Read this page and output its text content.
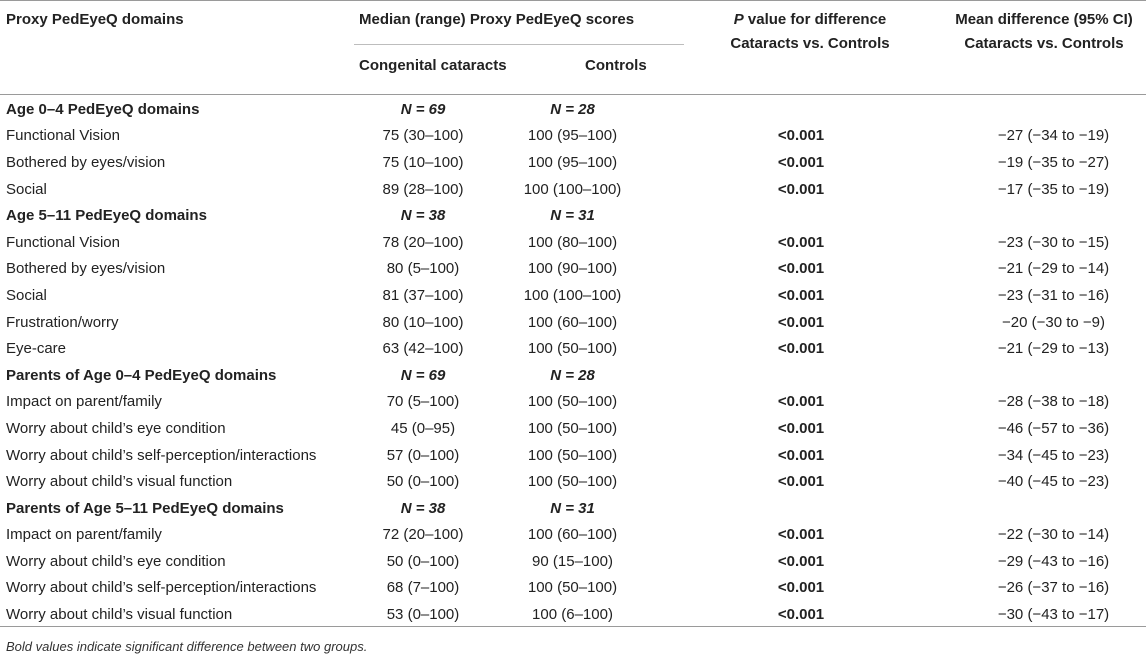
Proxy PedEyeQ domains	Median (range) Proxy PedEyeQ scores
Congenital cataracts	Controls
P value for difference
Cataracts vs. Controls
Mean difference (95% CI)
Cataracts vs. Controls
Age 0–4 PedEyeQ domains	N = 69	N = 28		
Functional Vision	75 (30–100)	100 (95–100)	<0.001	−27 (−34 to −19)
Bothered by eyes/vision	75 (10–100)	100 (95–100)	<0.001	−19 (−35 to −27)
Social	89 (28–100)	100 (100–100)	<0.001	−17 (−35 to −19)
Age 5–11 PedEyeQ domains	N = 38	N = 31		
Functional Vision	78 (20–100)	100 (80–100)	<0.001	−23 (−30 to −15)
Bothered by eyes/vision	80 (5–100)	100 (90–100)	<0.001	−21 (−29 to −14)
Social	81 (37–100)	100 (100–100)	<0.001	−23 (−31 to −16)
Frustration/worry	80 (10–100)	100 (60–100)	<0.001	−20 (−30 to −9)
Eye-care	63 (42–100)	100 (50–100)	<0.001	−21 (−29 to −13)
Parents of Age 0–4 PedEyeQ domains	N = 69	N = 28		
Impact on parent/family	70 (5–100)	100 (50–100)	<0.001	−28 (−38 to −18)
Worry about child’s eye condition	45 (0–95)	100 (50–100)	<0.001	−46 (−57 to −36)
Worry about child’s self-perception/interactions	57 (0–100)	100 (50–100)	<0.001	−34 (−45 to −23)
Worry about child’s visual function	50 (0–100)	100 (50–100)	<0.001	−40 (−45 to −23)
Parents of Age 5–11 PedEyeQ domains	N = 38	N = 31		
Impact on parent/family	72 (20–100)	100 (60–100)	<0.001	−22 (−30 to −14)
Worry about child’s eye condition	50 (0–100)	90 (15–100)	<0.001	−29 (−43 to −16)
Worry about child’s self-perception/interactions	68 (7–100)	100 (50–100)	<0.001	−26 (−37 to −16)
Worry about child’s visual function	53 (0–100)	100 (6–100)	<0.001	−30 (−43 to −17)
Bold values indicate significant difference between two groups.
